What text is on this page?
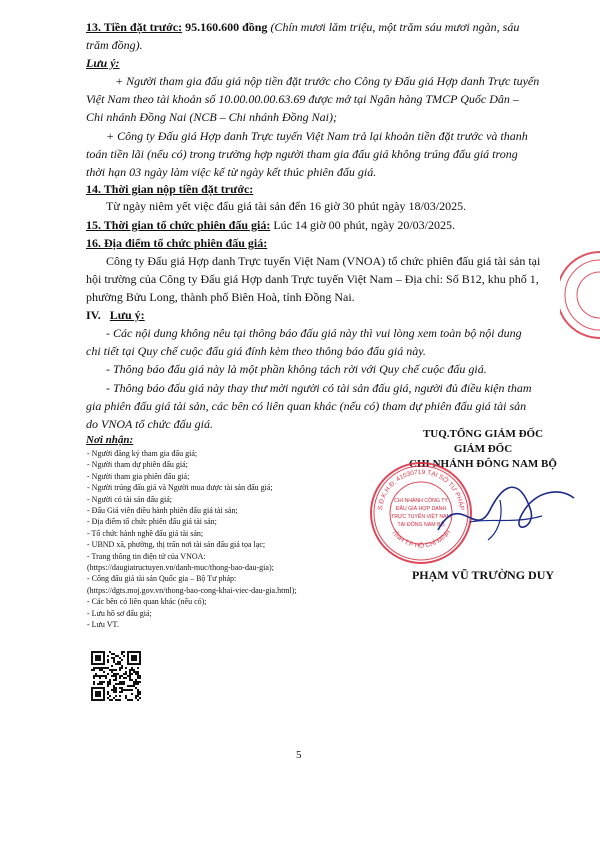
13. Tiền đặt trước: 95.160.600 đồng (Chín mươi lăm triệu, một trăm sáu mươi ngàn, sáu
trăm đồng).
Lưu ý:
+ Người tham gia đấu giá nộp tiền đặt trước cho Công ty Đấu giá Hợp danh Trực tuyến
Việt Nam theo tài khoản số 10.00.00.00.63.69 được mở tại Ngân hàng TMCP Quốc Dân –
Chi nhánh Đồng Nai (NCB – Chi nhánh Đồng Nai);
+ Công ty Đấu giá Hợp danh Trực tuyến Việt Nam trả lại khoản tiền đặt trước và thanh
toán tiền lãi (nếu có) trong trường hợp người tham gia đấu giá không trúng đấu giá trong
thời hạn 03 ngày làm việc kể từ ngày kết thúc phiên đấu giá.
14. Thời gian nộp tiền đặt trước:
Từ ngày niêm yết việc đấu giá tài sản đến 16 giờ 30 phút ngày 18/03/2025.
15. Thời gian tổ chức phiên đấu giá: Lúc 14 giờ 00 phút, ngày 20/03/2025.
16. Địa điểm tổ chức phiên đấu giá:
Công ty Đấu giá Hợp danh Trực tuyến Việt Nam (VNOA) tổ chức phiên đấu giá tài sản tại
hội trường của Công ty Đấu giá Hợp danh Trực tuyến Việt Nam – Địa chỉ: Số B12, khu phố 1,
phường Bửu Long, thành phố Biên Hoà, tỉnh Đồng Nai.
IV. Lưu ý:
- Các nội dung không nêu tại thông báo đấu giá này thì vui lòng xem toàn bộ nội dung
chi tiết tại Quy chế cuộc đấu giá đính kèm theo thông báo đấu giá này.
- Thông báo đấu giá này là một phần không tách rời với Quy chế cuộc đấu giá.
- Thông báo đấu giá này thay thư mời người có tài sản đấu giá, người đủ điều kiện tham
gia phiên đấu giá tài sản, các bên có liên quan khác (nếu có) tham dự phiên đấu giá tài sản
do VNOA tổ chức đấu giá.
Nơi nhận:
- Người đăng ký tham gia đấu giá;
- Người tham dự phiên đấu giá;
- Người tham gia phiên đấu giá;
- Người trúng đấu giá và Người mua được tài sản đấu giá;
- Người có tài sản đấu giá;
- Đấu Giá viên điều hành phiên đấu giá tài sản;
- Địa điểm tổ chức phiên đấu giá tài sản;
- Tổ chức hành nghề đấu giá tài sản;
- UBND xã, phường, thị trấn nơi tài sản đấu giá tọa lạc;
- Trang thông tin điện tử của VNOA:
(https://daugiatructuyen.vn/danh-muc/thong-bao-dau-gia);
- Cổng đấu giá tài sản Quốc gia – Bộ Tư pháp:
(https://dgts.moj.gov.vn/thong-bao-cong-khai-viec-dau-gia.html);
- Các bên có liên quan khác (nếu có);
- Lưu hồ sơ đấu giá;
- Lưu VT.
TUQ.TỔNG GIÁM ĐỐC
GIÁM ĐỐC
CHI NHÁNH ĐÔNG NAM BỘ
PHẠM VŨ TRƯỜNG DUY
S.Đ.K.H.Đ: 41030719 TẠI SỞ TƯ PHÁP
TỈNH T.P HỒ CHÍ MINH
CHI NHÁNH CÔNG TY
ĐẤU GIÁ HỢP DANH
TRỰC TUYẾN VIỆT NAM
TẠI ĐÔNG NAM BỘ
5
